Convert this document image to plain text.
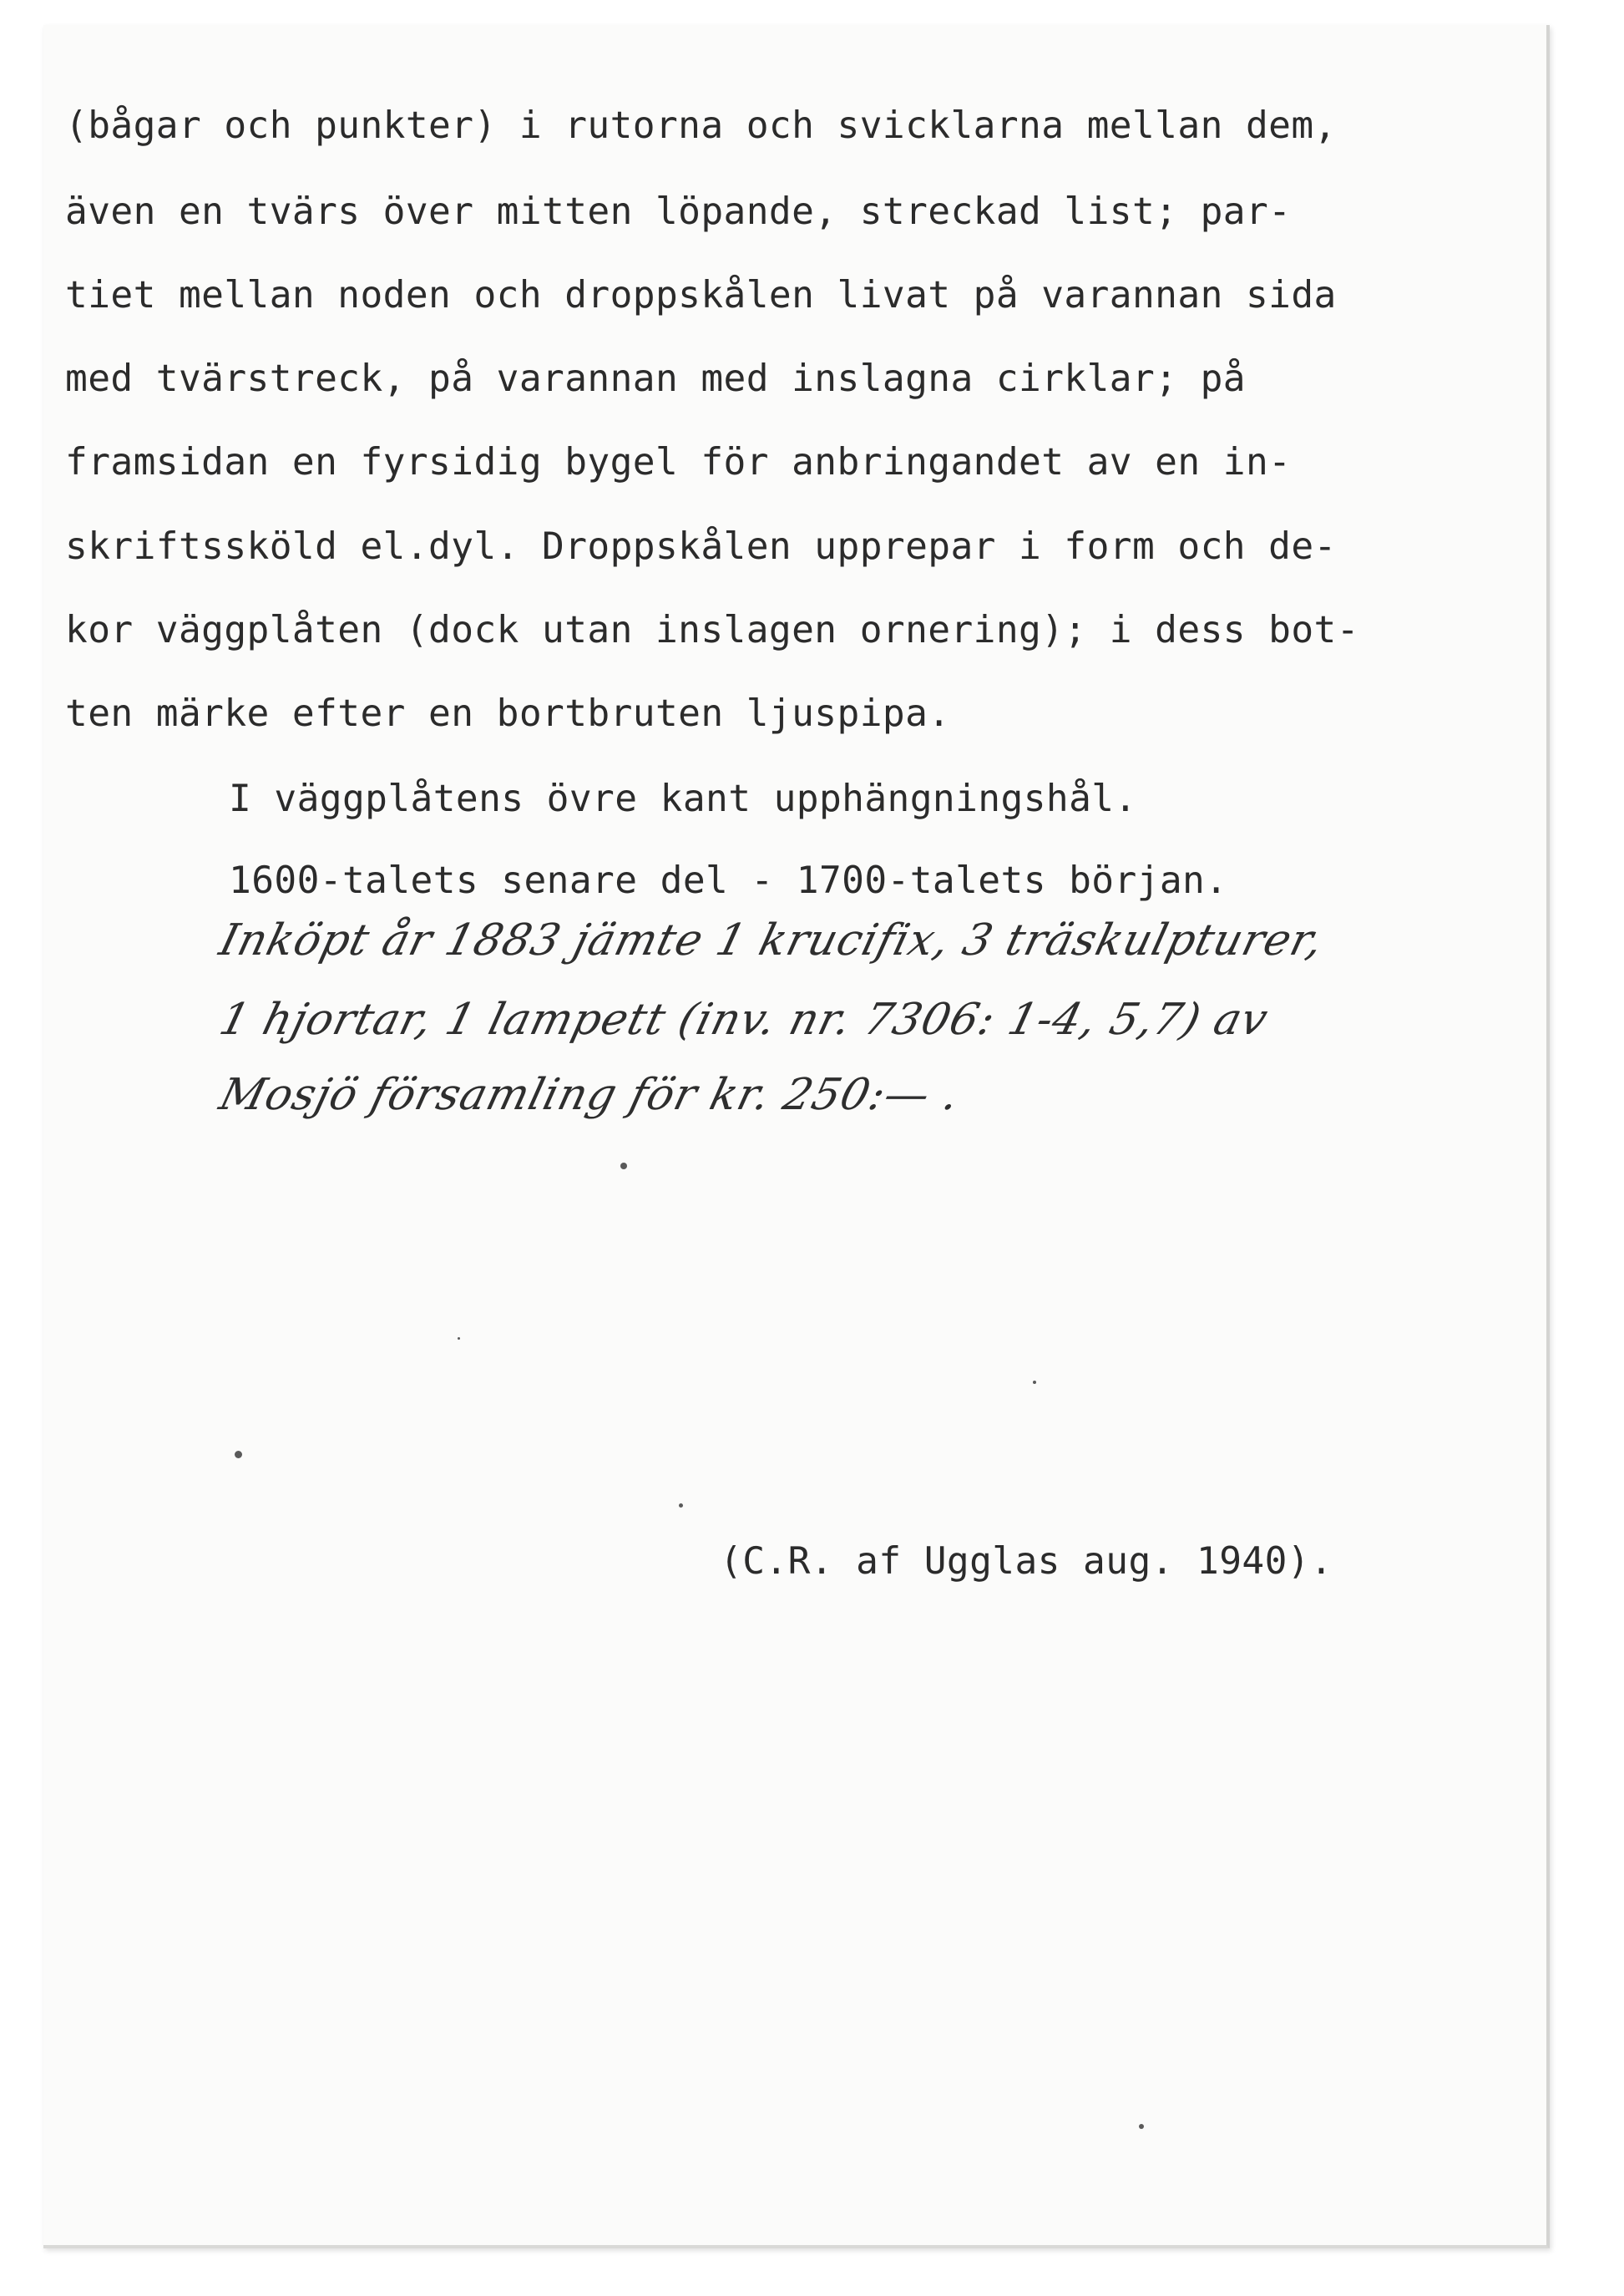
(bågar och punkter) i rutorna och svicklarna mellan dem,
även en tvärs över mitten löpande, streckad list; par-
tiet mellan noden och droppskålen livat på varannan sida
med tvärstreck, på varannan med inslagna cirklar; på
framsidan en fyrsidig bygel för anbringandet av en in-
skriftssköld el.dyl. Droppskålen upprepar i form och de-
kor väggplåten (dock utan inslagen ornering); i dess bot-
ten märke efter en bortbruten ljuspipa.
I väggplåtens övre kant upphängningshål.
1600-talets senare del - 1700-talets början.
Inköpt år 1883 jämte 1 krucifix, 3 träskulpturer,
1 hjortar, 1 lampett (inv. nr. 7306: 1-4, 5,7) av
Mosjö församling för kr. 250:— .
(C.R. af Ugglas aug. 1940).
